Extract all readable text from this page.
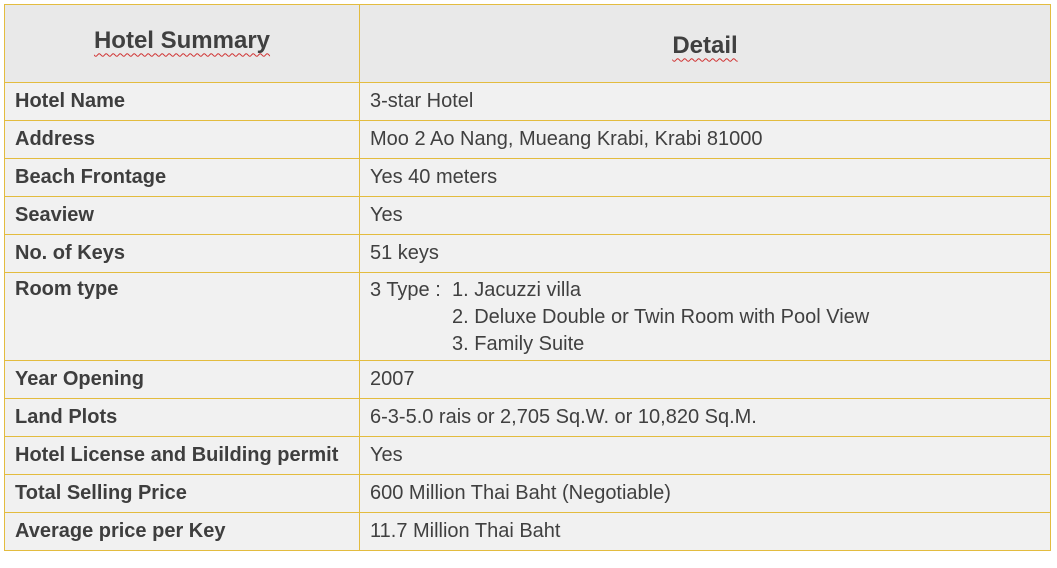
Hotel Summary	Detail
Hotel Name	3-star Hotel
Address	Moo 2 Ao Nang, Mueang Krabi, Krabi 81000
Beach Frontage	Yes 40 meters
Seaview	Yes
No. of Keys	51 keys
Room type	3 Type : 1. Jacuzzi villa
2. Deluxe Double or Twin Room with Pool View
3. Family Suite

Year Opening	2007
Land Plots	6-3-5.0 rais or 2,705 Sq.W. or 10,820 Sq.M.
Hotel License and Building permit	Yes
Total Selling Price	600 Million Thai Baht (Negotiable)
Average price per Key	11.7 Million Thai Baht
